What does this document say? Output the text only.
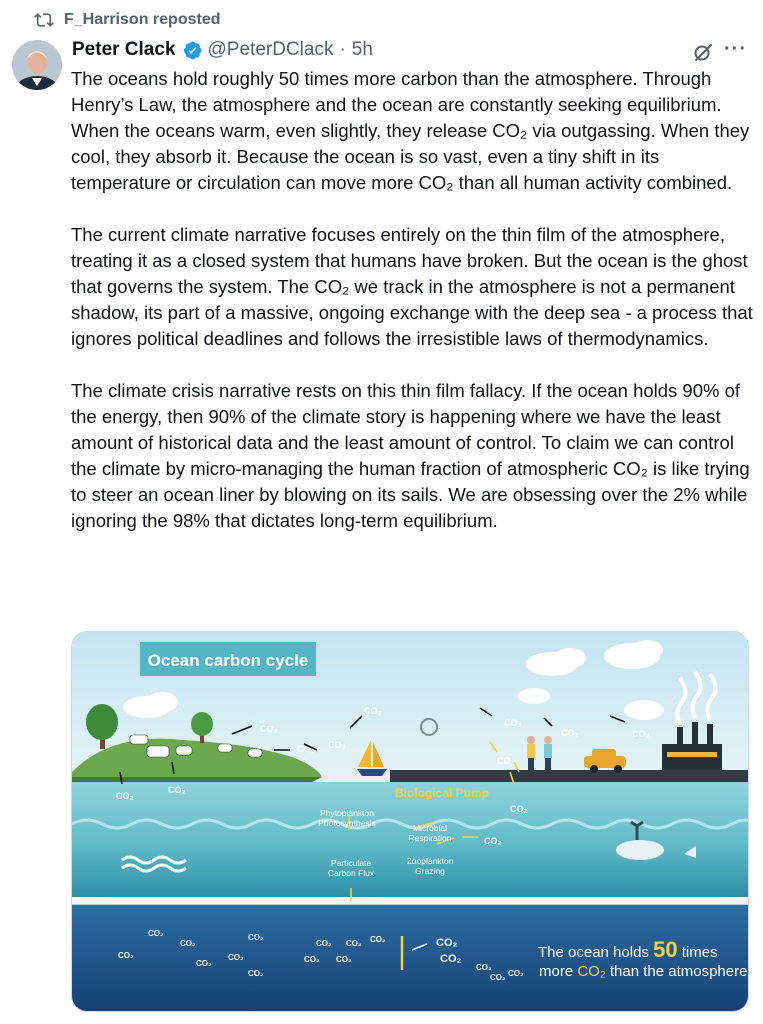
F_Harrison reposted
Peter Clack @PeterDClack · 5h	···

The oceans hold roughly 50 times more carbon than the atmosphere. Through Henry’s Law, the atmosphere and the ocean are constantly seeking equilibrium. When the oceans warm, even slightly, they release CO₂ via outgassing. When they cool, they absorb it. Because the ocean is so vast, even a tiny shift in its temperature or circulation can move more CO₂ than all human activity combined.

The current climate narrative focuses entirely on the thin film of the atmosphere, treating it as a closed system that humans have broken. But the ocean is the ghost that governs the system. The CO₂ we track in the atmosphere is not a permanent shadow, its part of a massive, ongoing exchange with the deep sea - a process that ignores political deadlines and follows the irresistible laws of thermodynamics.

The climate crisis narrative rests on this thin film fallacy. If the ocean holds 90% of the energy, then 90% of the climate story is happening where we have the least amount of historical data and the least amount of control. To claim we can control the climate by micro-managing the human fraction of atmospheric CO₂ is like trying to steer an ocean liner by blowing on its sails. We are obsessing over the 2% while ignoring the 98% that dictates long-term equilibrium.

Ocean carbon cycle
CO₂
CO₂
CO₂ CO₂
CO₂
CO₂
CO₂
CO₂
CO₂
CO₂
CO₂
CO₂
Biological Pump
Phytoplankton
Photosynthesis	Microbial
Respiration
Zooplankton
Grazing
Particulate
Carbon Flux
CO₂
CO₂
CO₂
CO₂
CO₂
CO₂
CO₂
CO₂
CO₂
CO₂
CO₂
CO₂
CO₂
CO₂ CO₂
CO₂
CO₂	The ocean holds 50 times
more CO₂ than the atmosphere
